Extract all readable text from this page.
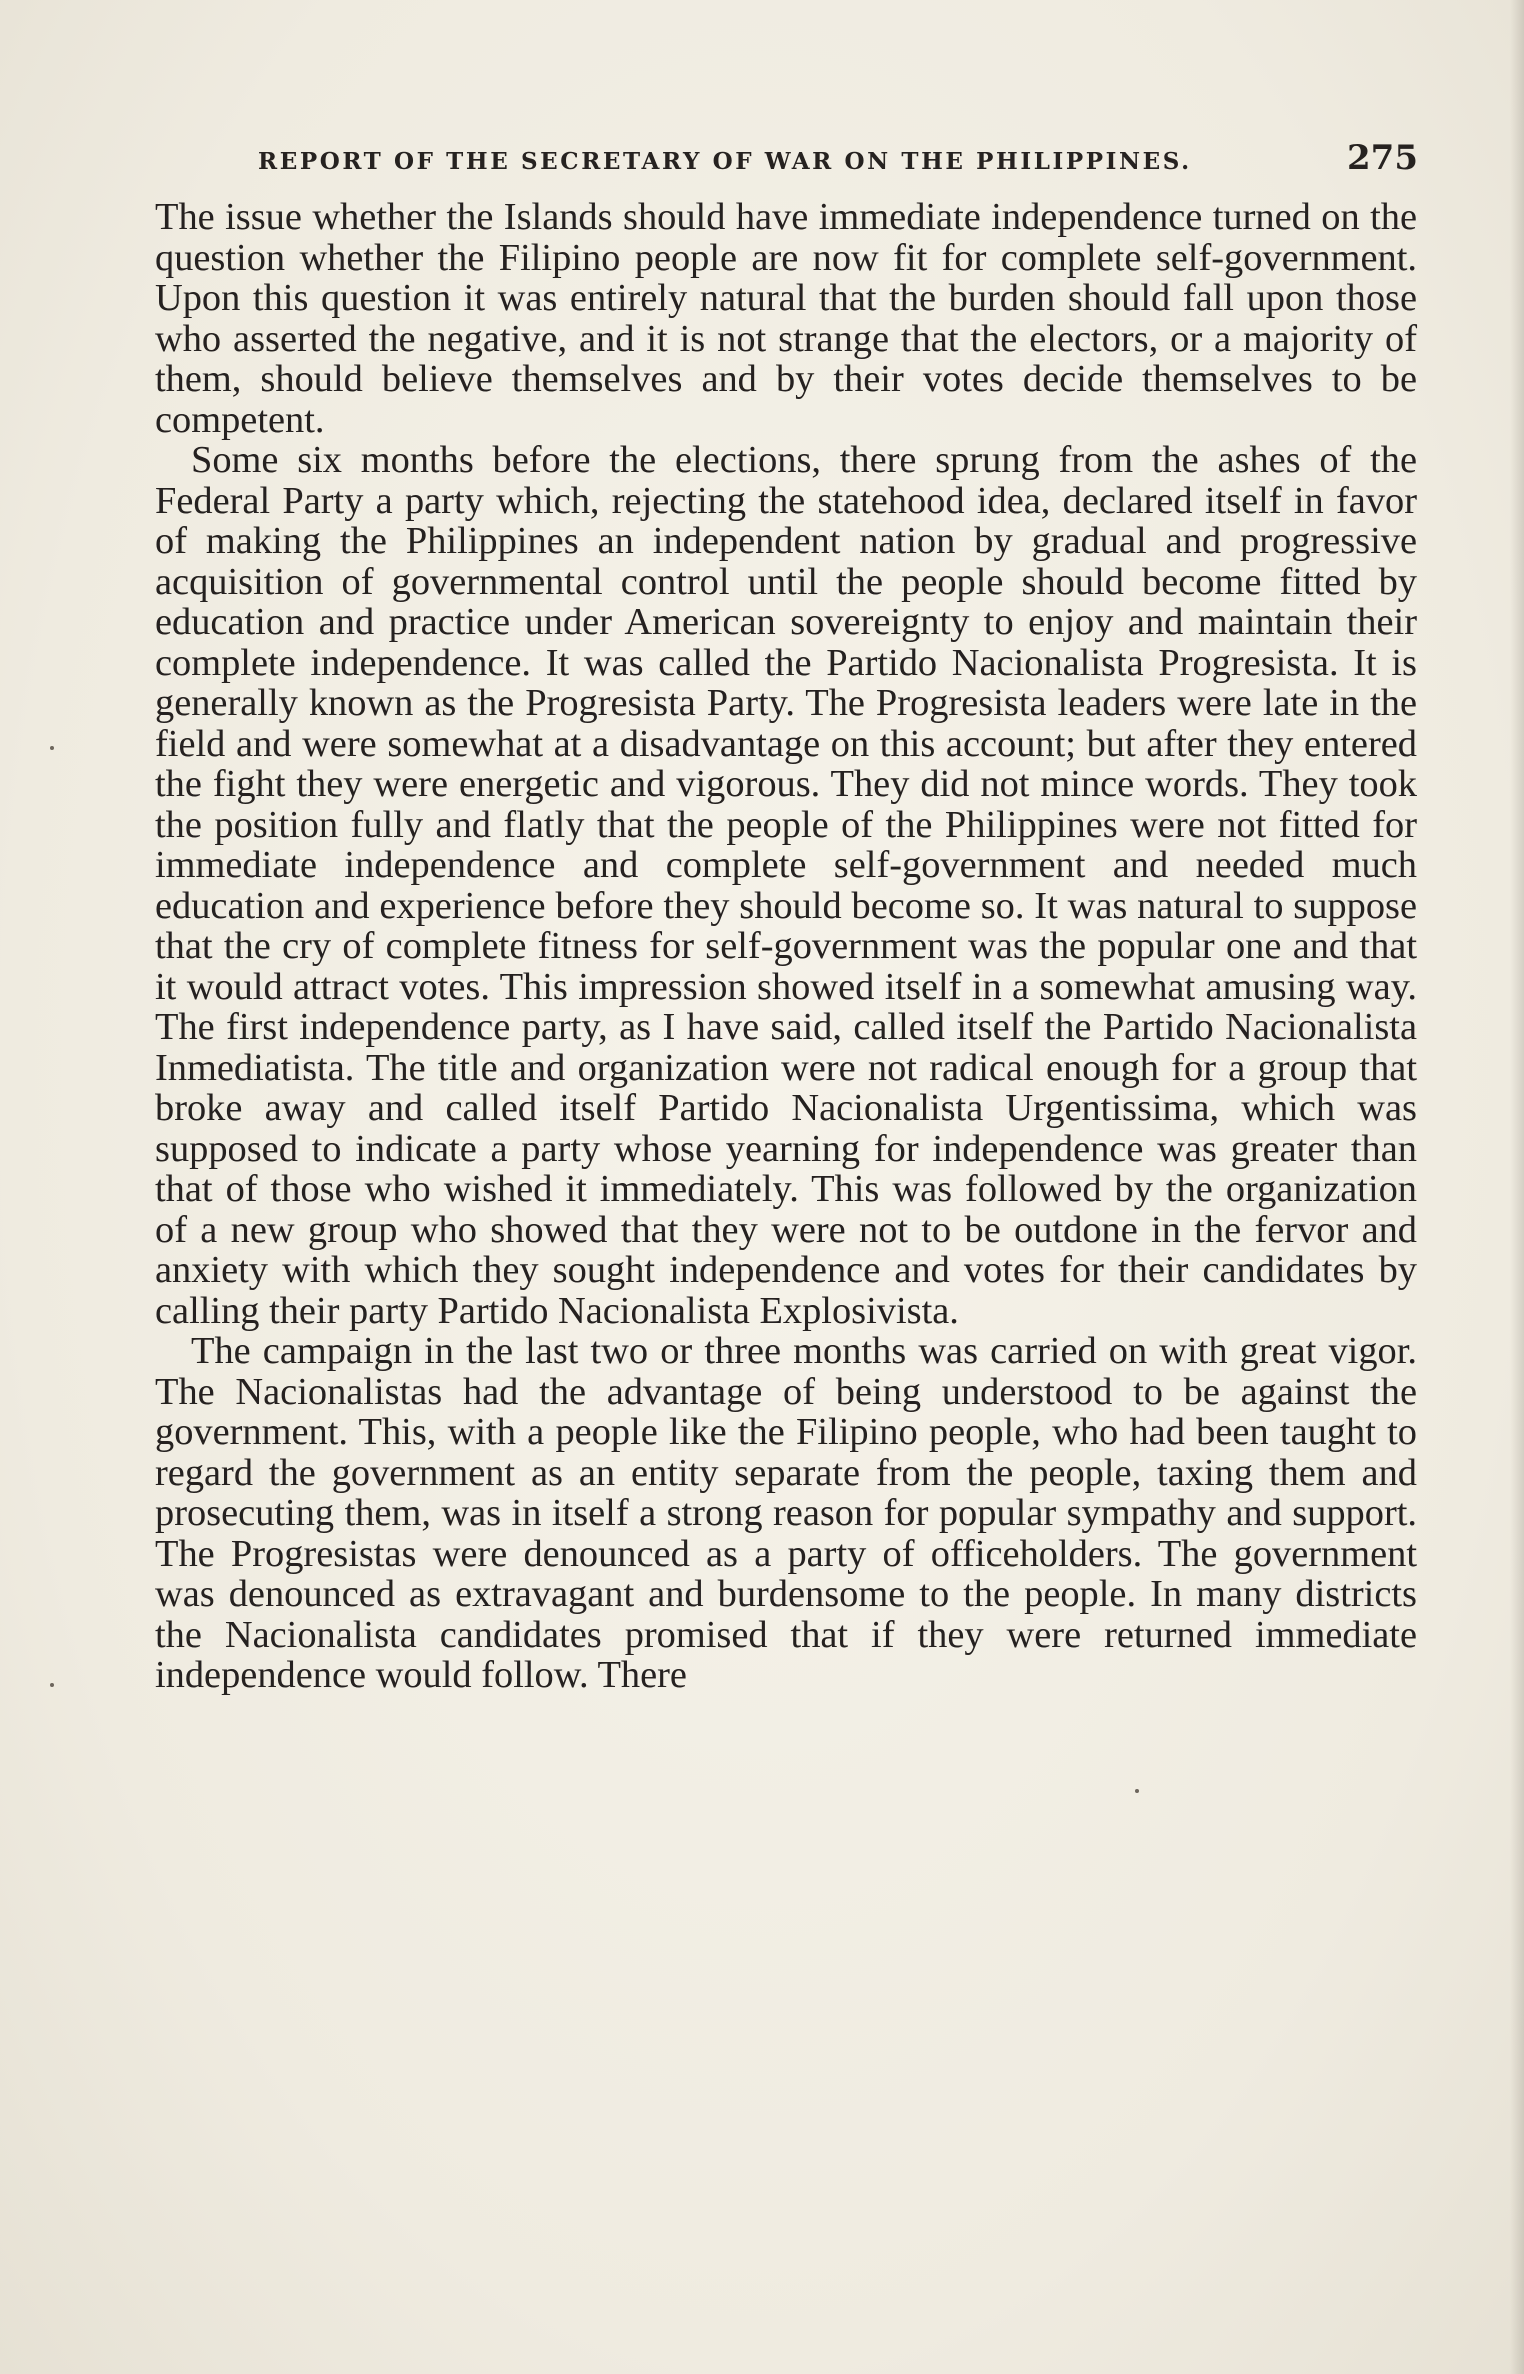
REPORT OF THE SECRETARY OF WAR ON THE PHILIPPINES.	275

The issue whether the Islands should have immediate independence turned on the question whether the Filipino people are now fit for complete self-government. Upon this question it was entirely natural that the burden should fall upon those who asserted the negative, and it is not strange that the electors, or a majority of them, should believe themselves and by their votes decide themselves to be competent.

Some six months before the elections, there sprung from the ashes of the Federal Party a party which, rejecting the statehood idea, declared itself in favor of making the Philippines an independent nation by gradual and progressive acquisition of governmental control until the people should become fitted by education and practice under American sovereignty to enjoy and maintain their complete independence. It was called the Partido Nacionalista Progresista. It is generally known as the Progresista Party. The Progresista leaders were late in the field and were somewhat at a disadvantage on this account; but after they entered the fight they were energetic and vigorous. They did not mince words. They took the position fully and flatly that the people of the Philippines were not fitted for immediate independence and complete self-government and needed much education and experience before they should become so. It was natural to suppose that the cry of complete fitness for self-government was the popular one and that it would attract votes. This impression showed itself in a somewhat amusing way. The first independence party, as I have said, called itself the Partido Nacionalista Inmediatista. The title and organization were not radical enough for a group that broke away and called itself Partido Nacionalista Urgentissima, which was supposed to indicate a party whose yearning for independence was greater than that of those who wished it immediately. This was followed by the organization of a new group who showed that they were not to be outdone in the fervor and anxiety with which they sought independence and votes for their candidates by calling their party Partido Nacionalista Explosivista.

The campaign in the last two or three months was carried on with great vigor. The Nacionalistas had the advantage of being understood to be against the government. This, with a people like the Filipino people, who had been taught to regard the government as an entity separate from the people, taxing them and prosecuting them, was in itself a strong reason for popular sympathy and support. The Progresistas were denounced as a party of officeholders. The government was denounced as extravagant and burdensome to the people. In many districts the Nacionalista candidates promised that if they were returned immediate independence would follow. There
